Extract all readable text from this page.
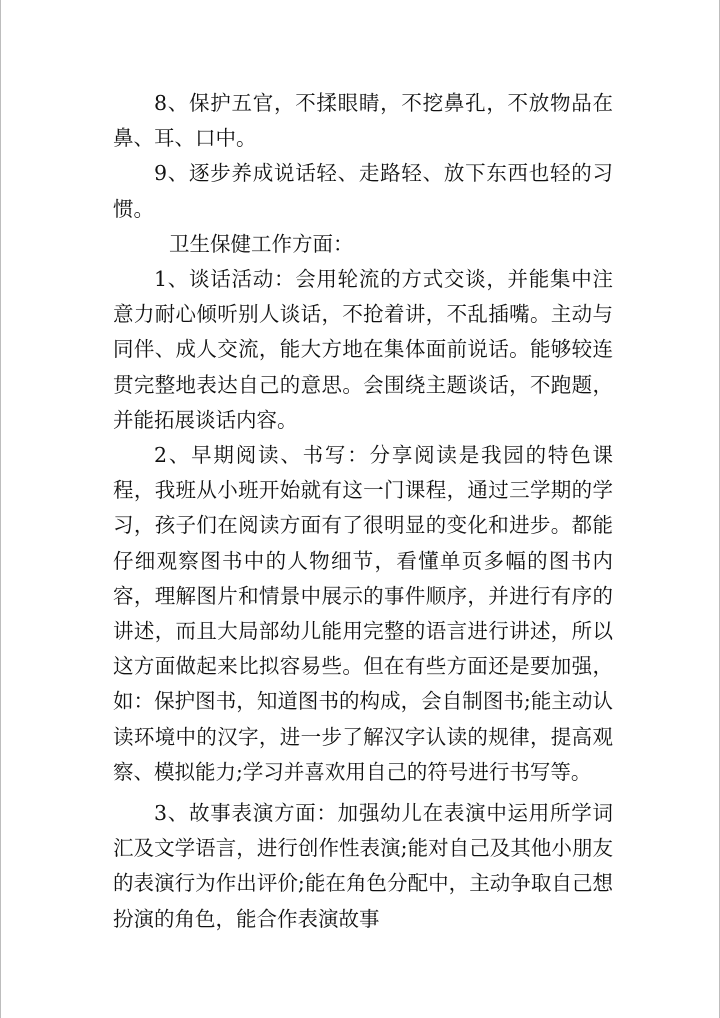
8、保护五官，不揉眼睛，不挖鼻孔，不放物品在鼻、耳、口中。

9、逐步养成说话轻、走路轻、放下东西也轻的习惯。

卫生保健工作方面：

1、谈话活动：会用轮流的方式交谈，并能集中注意力耐心倾听别人谈话，不抢着讲，不乱插嘴。主动与同伴、成人交流，能大方地在集体面前说话。能够较连贯完整地表达自己的意思。会围绕主题谈话，不跑题，并能拓展谈话内容。

2、早期阅读、书写：分享阅读是我园的特色课程，我班从小班开始就有这一门课程，通过三学期的学习，孩子们在阅读方面有了很明显的变化和进步。都能仔细观察图书中的人物细节，看懂单页多幅的图书内容，理解图片和情景中展示的事件顺序，并进行有序的讲述，而且大局部幼儿能用完整的语言进行讲述，所以这方面做起来比拟容易些。但在有些方面还是要加强，如：保护图书，知道图书的构成，会自制图书;能主动认读环境中的汉字，进一步了解汉字认读的规律，提高观察、模拟能力;学习并喜欢用自己的符号进行书写等。

3、故事表演方面：加强幼儿在表演中运用所学词汇及文学语言，进行创作性表演;能对自己及其他小朋友的表演行为作出评价;能在角色分配中，主动争取自己想扮演的角色，能合作表演故事
